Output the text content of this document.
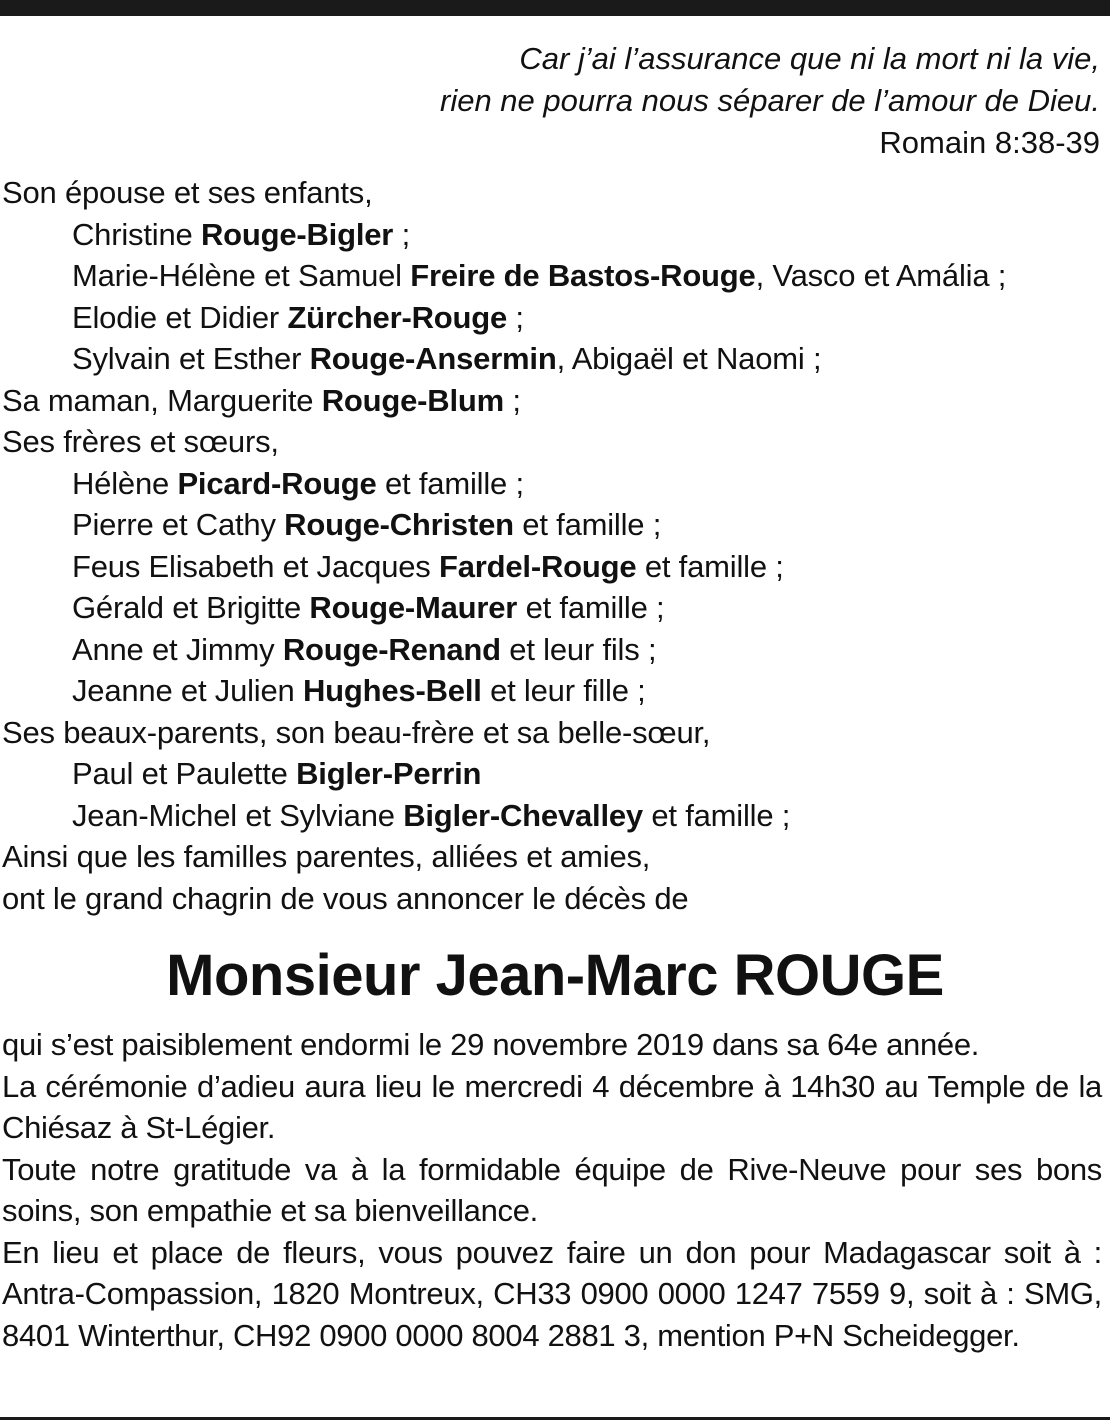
Car j’ai l’assurance que ni la mort ni la vie,
rien ne pourra nous séparer de l’amour de Dieu.
Romain 8:38-39
Son épouse et ses enfants,
Christine Rouge-Bigler ;
Marie-Hélène et Samuel Freire de Bastos-Rouge, Vasco et Amália ;
Elodie et Didier Zürcher-Rouge ;
Sylvain et Esther Rouge-Ansermin, Abigaël et Naomi ;
Sa maman, Marguerite Rouge-Blum ;
Ses frères et sœurs,
Hélène Picard-Rouge et famille ;
Pierre et Cathy Rouge-Christen et famille ;
Feus Elisabeth et Jacques Fardel-Rouge et famille ;
Gérald et Brigitte Rouge-Maurer et famille ;
Anne et Jimmy Rouge-Renand et leur fils ;
Jeanne et Julien Hughes-Bell et leur fille ;
Ses beaux-parents, son beau-frère et sa belle-sœur,
Paul et Paulette Bigler-Perrin
Jean-Michel et Sylviane Bigler-Chevalley et famille ;
Ainsi que les familles parentes, alliées et amies,
ont le grand chagrin de vous annoncer le décès de
Monsieur Jean-Marc ROUGE

qui s’est paisiblement endormi le 29 novembre 2019 dans sa 64e année.

La cérémonie d’adieu aura lieu le mercredi 4 décembre à 14h30 au Temple de la Chiésaz à St-Légier.

Toute notre gratitude va à la formidable équipe de Rive-Neuve pour ses bons soins, son empathie et sa bienveillance.

En lieu et place de fleurs, vous pouvez faire un don pour Madagascar soit à : Antra-Compassion, 1820 Montreux, CH33 0900 0000 1247 7559 9, soit à : SMG, 8401 Winterthur, CH92 0900 0000 8004 2881 3, mention P+N Scheidegger.
